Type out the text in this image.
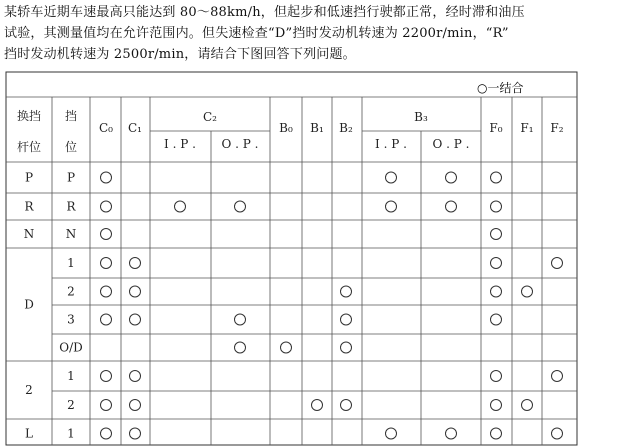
某轿车近期车速最高只能达到 80～88km/h，但起步和低速挡行驶都正常，经时滞和油压

试验，其测量值均在允许范围内。但失速检查“D”挡时发动机转速为 2200r/min，“R”

挡时发动机转速为 2500r/min，请结合下图回答下列问题。

○一结合
换挡
杆位
挡
位
C₀ C₁
C₂
I . P . O . P .
B₀ B₁ B₂
B₃
I . P . O . P .
F₀ F₁ F₂
P
P
R
R
N
N
1
2
D
3
O/D
1
2
2
1
L
